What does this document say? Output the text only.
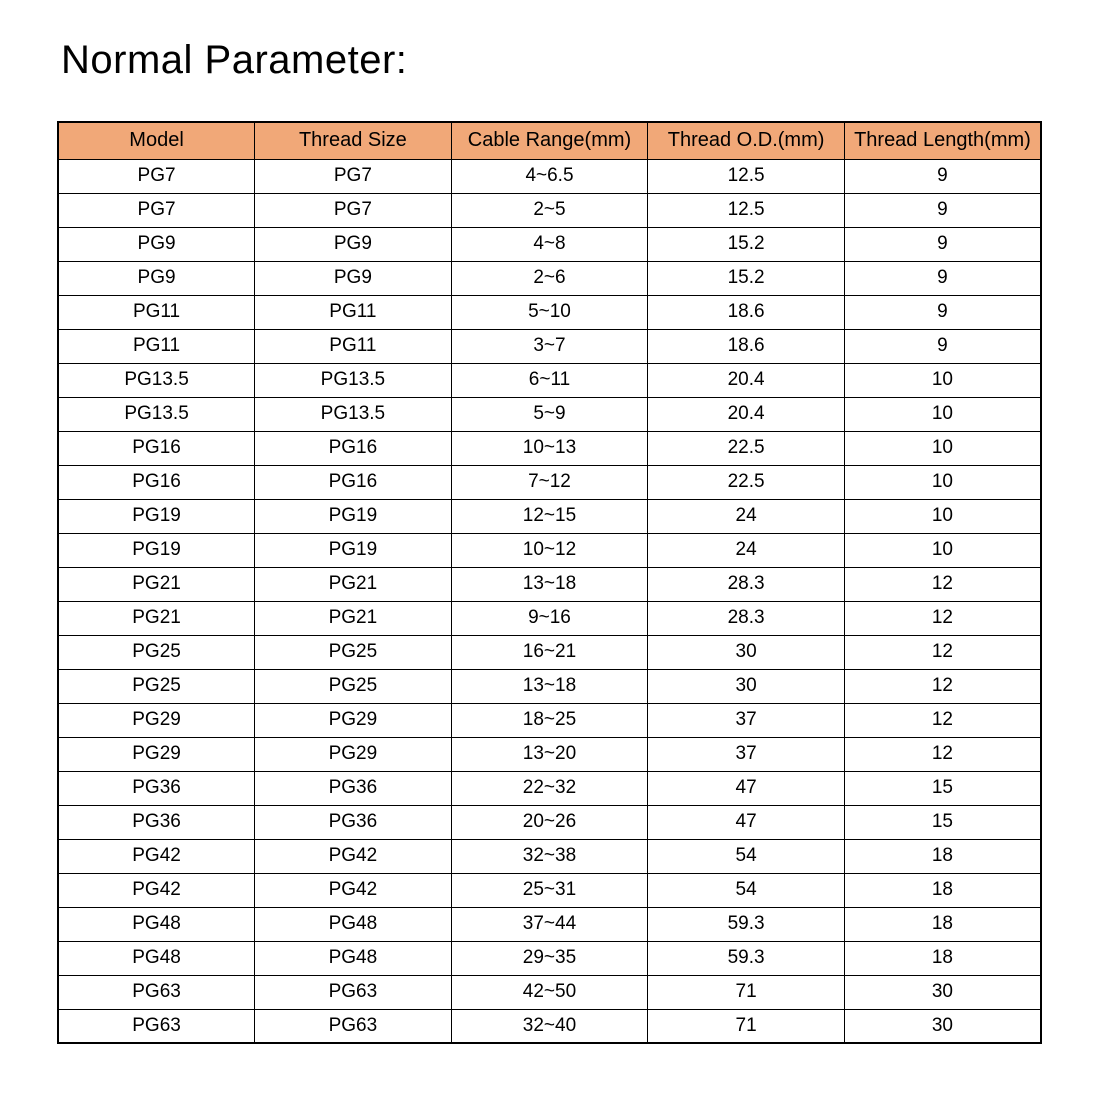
Normal Parameter:
Model	Thread Size	Cable Range(mm)	Thread O.D.(mm)	Thread Length(mm)
PG7	PG7	4~6.5	12.5	9
PG7	PG7	2~5	12.5	9
PG9	PG9	4~8	15.2	9
PG9	PG9	2~6	15.2	9
PG11	PG11	5~10	18.6	9
PG11	PG11	3~7	18.6	9
PG13.5	PG13.5	6~11	20.4	10
PG13.5	PG13.5	5~9	20.4	10
PG16	PG16	10~13	22.5	10
PG16	PG16	7~12	22.5	10
PG19	PG19	12~15	24	10
PG19	PG19	10~12	24	10
PG21	PG21	13~18	28.3	12
PG21	PG21	9~16	28.3	12
PG25	PG25	16~21	30	12
PG25	PG25	13~18	30	12
PG29	PG29	18~25	37	12
PG29	PG29	13~20	37	12
PG36	PG36	22~32	47	15
PG36	PG36	20~26	47	15
PG42	PG42	32~38	54	18
PG42	PG42	25~31	54	18
PG48	PG48	37~44	59.3	18
PG48	PG48	29~35	59.3	18
PG63	PG63	42~50	71	30
PG63	PG63	32~40	71	30
